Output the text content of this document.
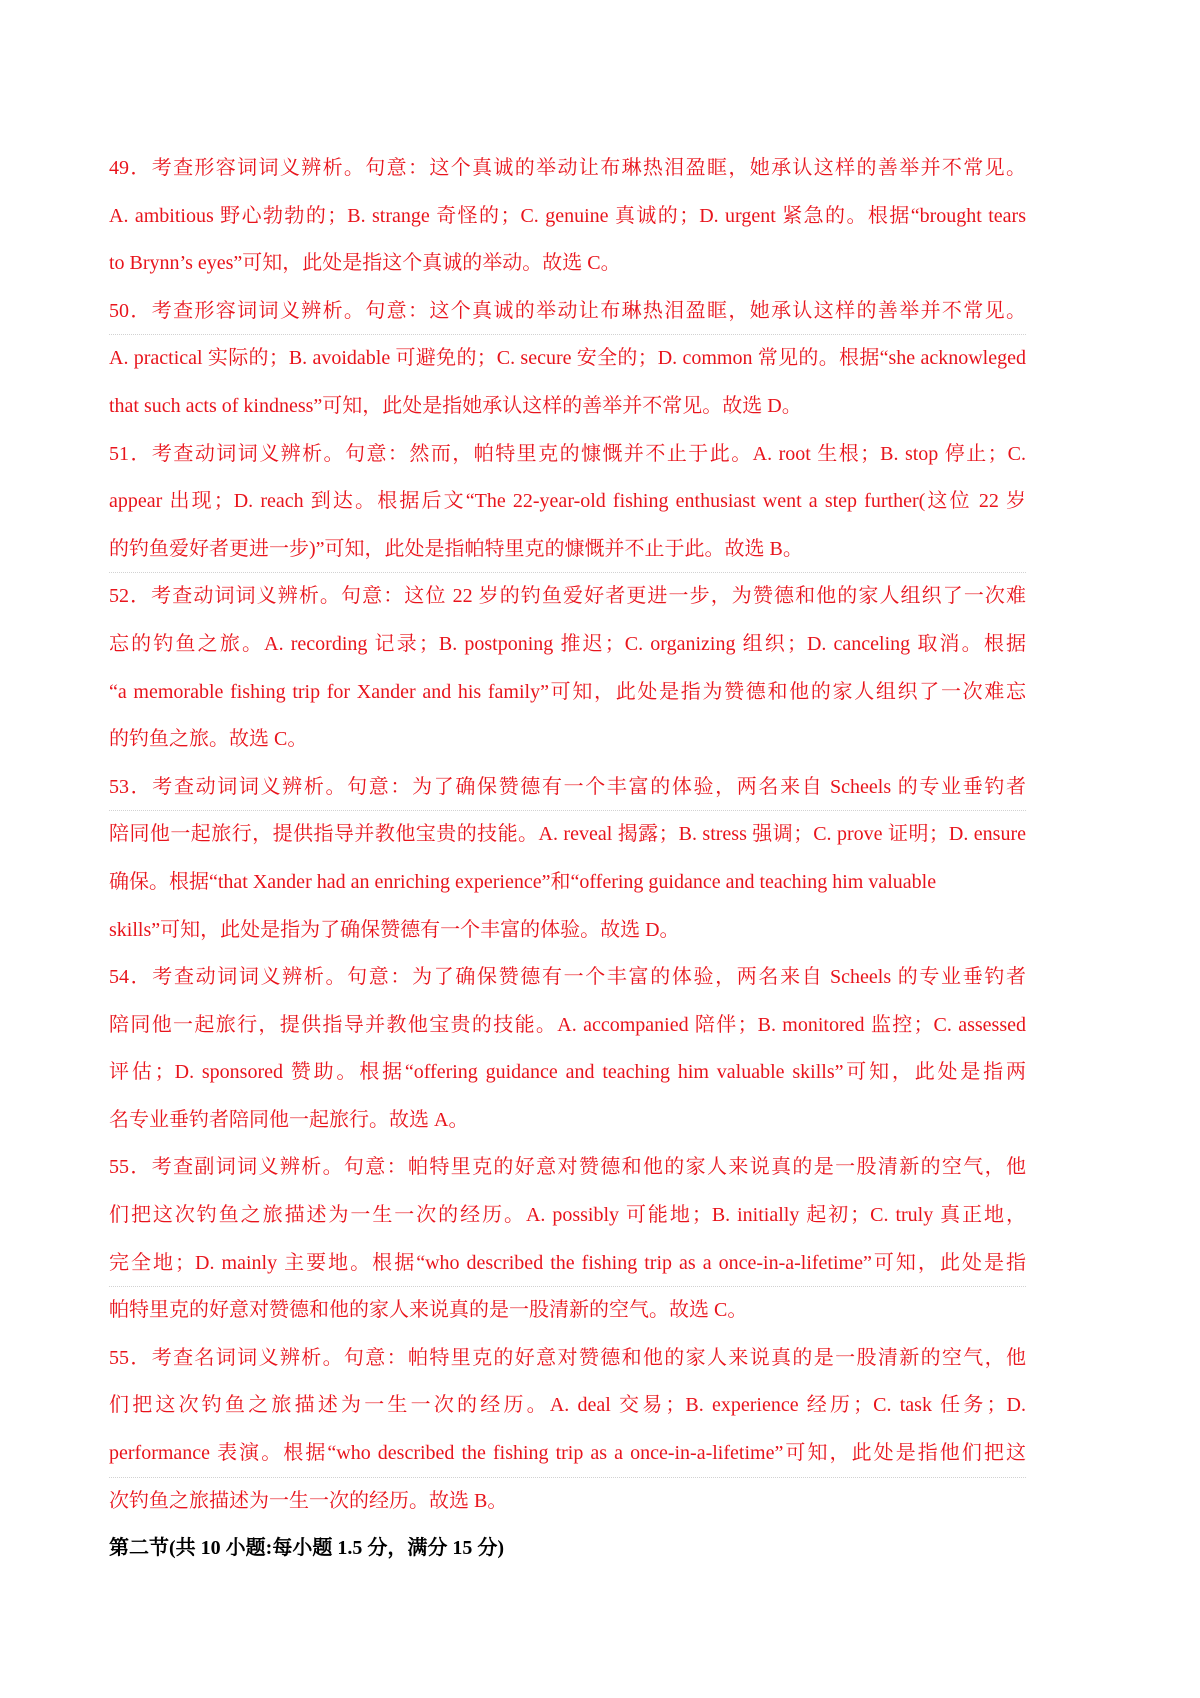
49．考查形容词词义辨析。句意：这个真诚的举动让布琳热泪盈眶，她承认这样的善举并不常见。
A. ambitious 野心勃勃的；B. strange 奇怪的；C. genuine 真诚的；D. urgent 紧急的。根据“brought tears
to Brynn’s eyes”可知，此处是指这个真诚的举动。故选 C。
50．考查形容词词义辨析。句意：这个真诚的举动让布琳热泪盈眶，她承认这样的善举并不常见。
A. practical 实际的；B. avoidable 可避免的；C. secure 安全的；D. common 常见的。根据“she acknowleged
that such acts of kindness”可知，此处是指她承认这样的善举并不常见。故选 D。
51．考查动词词义辨析。句意：然而，帕特里克的慷慨并不止于此。A. root 生根；B. stop 停止；C.
appear 出现；D. reach 到达。根据后文“The 22-year-old fishing enthusiast went a step further(这位 22 岁
的钓鱼爱好者更进一步)”可知，此处是指帕特里克的慷慨并不止于此。故选 B。
52．考查动词词义辨析。句意：这位 22 岁的钓鱼爱好者更进一步，为赞德和他的家人组织了一次难
忘的钓鱼之旅。A. recording 记录；B. postponing 推迟；C. organizing 组织；D. canceling 取消。根据
“a memorable fishing trip for Xander and his family”可知，此处是指为赞德和他的家人组织了一次难忘
的钓鱼之旅。故选 C。
53．考查动词词义辨析。句意：为了确保赞德有一个丰富的体验，两名来自 Scheels 的专业垂钓者
陪同他一起旅行，提供指导并教他宝贵的技能。A. reveal 揭露；B. stress 强调；C. prove 证明；D. ensure
确保。根据“that Xander had an enriching experience”和“offering guidance and teaching him valuable
skills”可知，此处是指为了确保赞德有一个丰富的体验。故选 D。
54．考查动词词义辨析。句意：为了确保赞德有一个丰富的体验，两名来自 Scheels 的专业垂钓者
陪同他一起旅行，提供指导并教他宝贵的技能。A. accompanied 陪伴；B. monitored 监控；C. assessed
评估；D. sponsored 赞助。根据“offering guidance and teaching him valuable skills”可知，此处是指两
名专业垂钓者陪同他一起旅行。故选 A。
55．考查副词词义辨析。句意：帕特里克的好意对赞德和他的家人来说真的是一股清新的空气，他
们把这次钓鱼之旅描述为一生一次的经历。A. possibly 可能地；B. initially 起初；C. truly 真正地，
完全地；D. mainly 主要地。根据“who described the fishing trip as a once-in-a-lifetime”可知，此处是指
帕特里克的好意对赞德和他的家人来说真的是一股清新的空气。故选 C。
55．考查名词词义辨析。句意：帕特里克的好意对赞德和他的家人来说真的是一股清新的空气，他
们把这次钓鱼之旅描述为一生一次的经历。A. deal 交易；B. experience 经历；C. task 任务；D.
performance 表演。根据“who described the fishing trip as a once-in-a-lifetime”可知，此处是指他们把这
次钓鱼之旅描述为一生一次的经历。故选 B。
第二节(共 10 小题:每小题 1.5 分，满分 15 分)
